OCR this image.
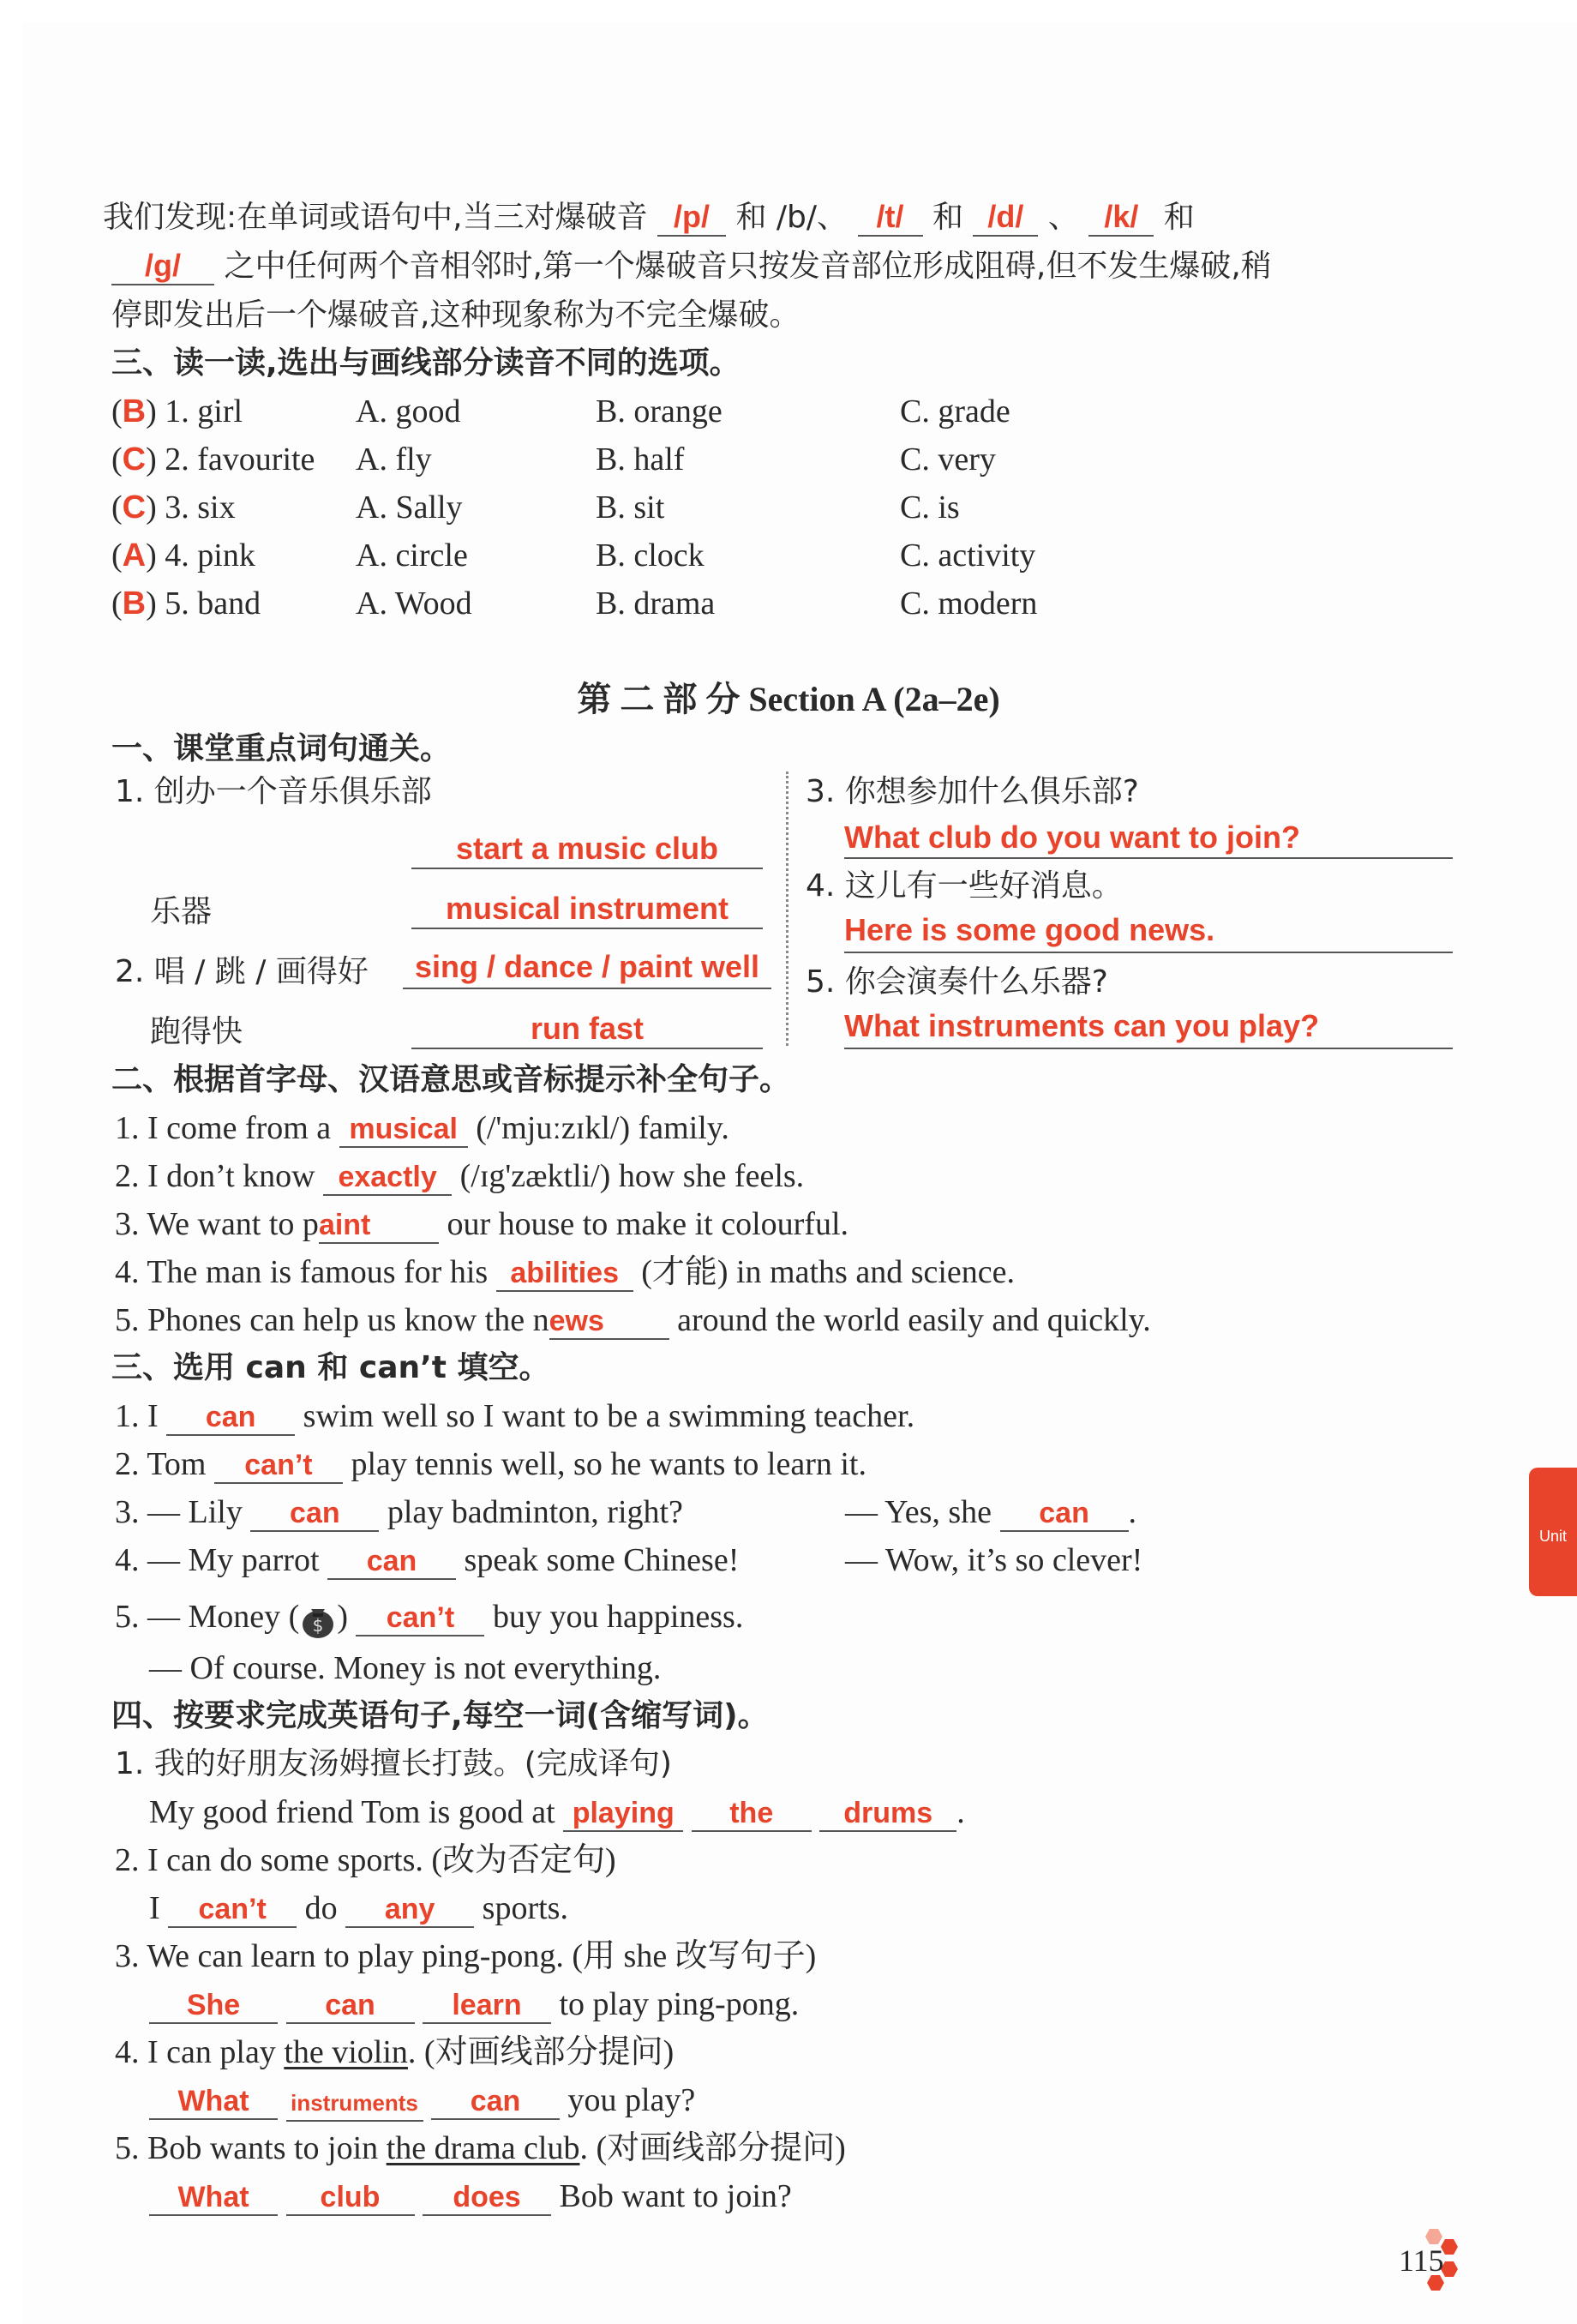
我们发现:在单词或语句中,当三对爆破音 /p/ 和 /b/、 /t/ 和 /d/ 、 /k/ 和
/g/ 之中任何两个音相邻时,第一个爆破音只按发音部位形成阻碍,但不发生爆破,稍
停即发出后一个爆破音,这种现象称为不完全爆破。
三、读一读,选出与画线部分读音不同的选项。
(B) 1. girl	A. good	B. orange	C. grade
(C) 2. favourite A. fly	B. half	C. very
(C) 3. six	A. Sally	B. sit	C. is
(A) 4. pink	A. circle	B. clock	C. activity
(B) 5. band	A. Wood	B. drama	C. modern
第 二 部 分 Section A (2a–2e)
一、课堂重点词句通关。
1. 创办一个音乐俱乐部
start a music club
乐器	musical instrument
2. 唱 / 跳 / 画得好	sing / dance / paint well
跑得快	run fast
3. 你想参加什么俱乐部?
What club do you want to join?
4. 这儿有一些好消息。
Here is some good news.
5. 你会演奏什么乐器?
What instruments can you play?
二、根据首字母、汉语意思或音标提示补全句子。
1. I come from a musical (/'mjuːzɪkl/) family.
2. I don’t know exactly (/ɪg'zæktli/) how she feels.
3. We want to paint our house to make it colourful.
4. The man is famous for his abilities (才能) in maths and science.
5. Phones can help us know the news around the world easily and quickly.
三、选用 can 和 can’t 填空。
1. I can swim well so I want to be a swimming teacher.
2. Tom can’t play tennis well, so he wants to learn it.
3. — Lily can play badminton, right?	— Yes, she can .
4. — My parrot can speak some Chinese!	— Wow, it’s so clever!
5. — Money ( $ ) can’t buy you happiness.
— Of course. Money is not everything.
四、按要求完成英语句子,每空一词(含缩写词)。
1. 我的好朋友汤姆擅长打鼓。(完成译句)
My good friend Tom is good at playing the drums .
2. I can do some sports. (改为否定句)
I can’t do any sports.
3. We can learn to play ping-pong. (用 she 改写句子)
She	can	learn to play ping-pong.
4. I can play the violin. (对画线部分提问)
What instruments can you play?
5. Bob wants to join the drama club. (对画线部分提问)
What club does Bob want to join?
Unit
115
